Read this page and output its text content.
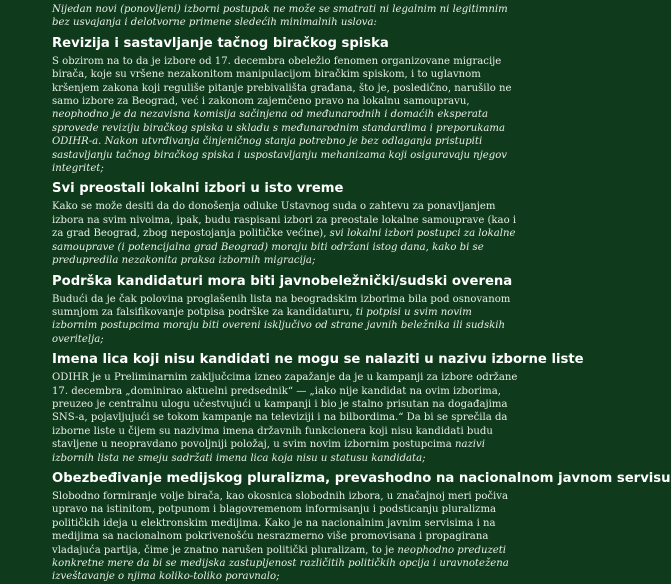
Nijedan novi (ponovljeni) izborni postupak ne može se smatrati ni legalnim ni legitimnim bez usvajanja i delotvorne primene sledećih minimalnih uslova:

Revizija i sastavljanje tačnog biračkog spiska

S obzirom na to da je izbore od 17. decembra obeležio fenomen organizovane migracije birača, koje su vršene nezakonitom manipulacijom biračkim spiskom, i to uglavnom kršenjem zakona koji reguliše pitanje prebivališta građana, što je, posledično, narušilo ne samo izbore za Beograd, već i zakonom zajemčeno pravo na lokalnu samoupravu, neophodno je da nezavisna komisija sačinjena od međunarodnih i domaćih eksperata sprovede reviziju biračkog spiska u skladu s međunarodnim standardima i preporukama ODIHR-a. Nakon utvrđivanja činjeničnog stanja potrebno je bez odlaganja pristupiti sastavljanju tačnog biračkog spiska i uspostavljanju mehanizama koji osiguravaju njegov integritet;

Svi preostali lokalni izbori u isto vreme

Kako se može desiti da do donošenja odluke Ustavnog suda o zahtevu za ponavljanjem izbora na svim nivoima, ipak, budu raspisani izbori za preostale lokalne samouprave (kao i za grad Beograd, zbog nepostojanja političke većine), svi lokalni izbori postupci za lokalne samouprave (i potencijalna grad Beograd) moraju biti održani istog dana, kako bi se predupredila nezakonita praksa izbornih migracija;

Podrška kandidaturi mora biti javnobeležnički/sudski overena

Budući da je čak polovina proglašenih lista na beogradskim izborima bila pod osnovanom sumnjom za falsifikovanje potpisa podrške za kandidaturu, ti potpisi u svim novim izbornim postupcima moraju biti overeni isključivo od strane javnih beležnika ili sudskih overitelja;

Imena lica koji nisu kandidati ne mogu se nalaziti u nazivu izborne liste

ODIHR je u Preliminarnim zaključcima izneo zapažanje da je u kampanji za izbore održane 17. decembra „dominirao aktuelni predsednik“ — „iako nije kandidat na ovim izborima, preuzeo je centralnu ulogu učestvujući u kampanji i bio je stalno prisutan na događajima SNS-a, pojavljujući se tokom kampanje na televiziji i na bilbordima.“ Da bi se sprečila da izborne liste u čijem su nazivima imena državnih funkcionera koji nisu kandidati budu stavljene u neopravdano povoljniji položaj, u svim novim izbornim postupcima nazivi izbornih lista ne smeju sadržati imena lica koja nisu u statusu kandidata;

Obezbeđivanje medijskog pluralizma, prevashodno na nacionalnom javnom servisu

Slobodno formiranje volje birača, kao okosnica slobodnih izbora, u značajnoj meri počiva upravo na istinitom, potpunom i blagovremenom informisanju i podsticanju pluralizma političkih ideja u elektronskim medijima. Kako je na nacionalnim javnim servisima i na medijima sa nacionalnom pokrivenošću nesrazmerno više promovisana i propagirana vladajuća partija, čime je znatno narušen politički pluralizam, to je neophodno preduzeti konkretne mere da bi se medijska zastupljenost različitih političkih opcija i uravnotežena izveštavanje o njima koliko-toliko poravnalo;
